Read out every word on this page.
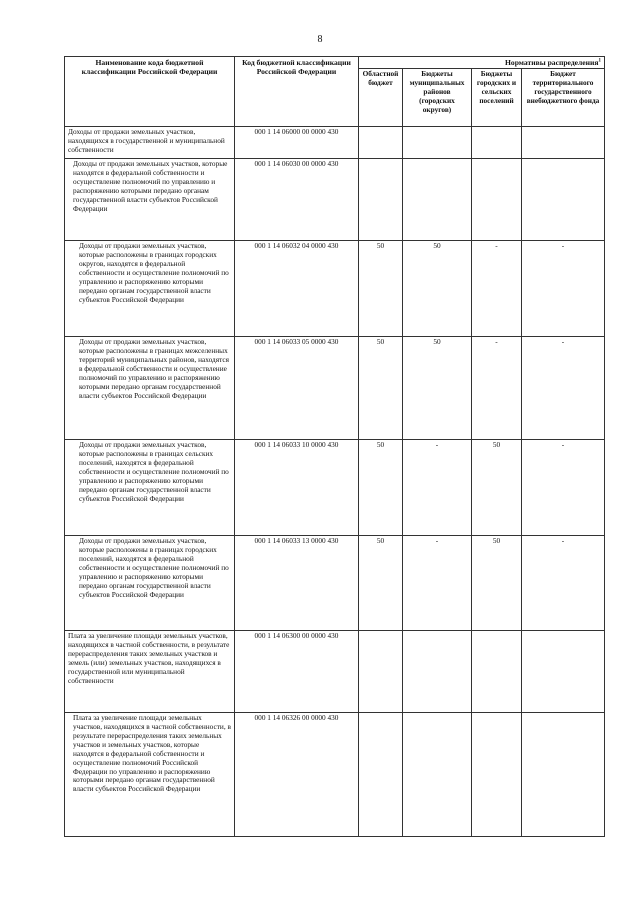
8
Наименование кода бюджетной классификации Российской Федерации	Код бюджетной классификации Российской Федерации	Нормативы распределения$^1$
		Областной бюджет	Бюджеты муниципальных районов (городских округов)	Бюджеты городских и сельских поселений	Бюджет территориального государственного внебюджетного фонда
Доходы от продажи земельных участков, находящихся в государственной и муниципальной собственности	000 1 14 06000 00 0000 430				
Доходы от продажи земельных участков, которые находятся в федеральной собственности и осуществление полномочий по управлению и распоряжению которыми передано органам государственной власти субъектов Российской Федерации	000 1 14 06030 00 0000 430				
Доходы от продажи земельных участков, которые расположены в границах городских округов, находятся в федеральной собственности и осуществление полномочий по управлению и распоряжению которыми передано органам государственной власти субъектов Российской Федерации	000 1 14 06032 04 0000 430	50	50	-	-
Доходы от продажи земельных участков, которые расположены в границах межселенных территорий муниципальных районов, находятся в федеральной собственности и осуществление полномочий по управлению и распоряжению которыми передано органам государственной власти субъектов Российской Федерации	000 1 14 06033 05 0000 430	50	50	-	-
Доходы от продажи земельных участков, которые расположены в границах сельских поселений, находятся в федеральной собственности и осуществление полномочий по управлению и распоряжению которыми передано органам государственной власти субъектов Российской Федерации	000 1 14 06033 10 0000 430	50	-	50	-
Доходы от продажи земельных участков, которые расположены в границах городских поселений, находятся в федеральной собственности и осуществление полномочий по управлению и распоряжению которыми передано органам государственной власти субъектов Российской Федерации	000 1 14 06033 13 0000 430	50	-	50	-
Плата за увеличение площади земельных участков, находящихся в частной собственности, в результате перераспределения таких земельных участков и земель (или) земельных участков, находящихся в государственной или муниципальной собственности	000 1 14 06300 00 0000 430				
Плата за увеличение площади земельных участков, находящихся в частной собственности, в результате перераспределения таких земельных участков и земельных участков, которые находятся в федеральной собственности и осуществление полномочий Российской Федерации по управлению и распоряжению которыми передано органам государственной власти субъектов Российской Федерации	000 1 14 06326 00 0000 430				
